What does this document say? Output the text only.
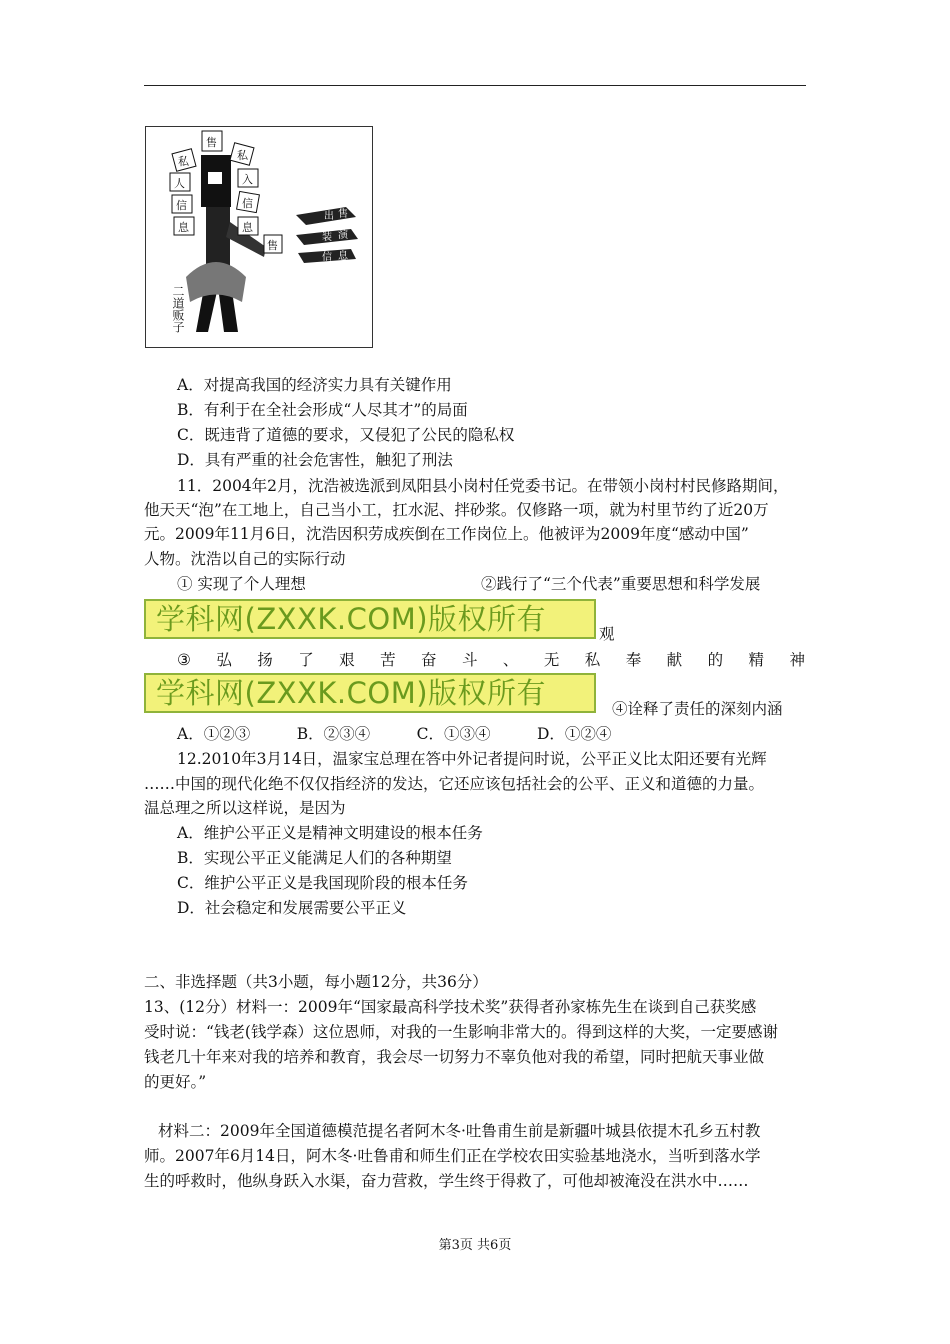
售
私
私
入
人
信
信
息
息
售
出 售
装 演
信 息
二道贩子
A．对提高我国的经济实力具有关键作用
B．有利于在全社会形成“人尽其才”的局面
C．既违背了道德的要求，又侵犯了公民的隐私权
D．具有严重的社会危害性，触犯了刑法
11．2004年2月，沈浩被选派到凤阳县小岗村任党委书记。在带领小岗村村民修路期间，
他天天“泡”在工地上，自己当小工，扛水泥、拌砂浆。仅修路一项，就为村里节约了近20万
元。2009年11月6日，沈浩因积劳成疾倒在工作岗位上。他被评为2009年度“感动中国”
人物。沈浩以自己的实际行动
① 实现了个人理想	②践行了“三个代表”重要思想和科学发展
学科网(ZXXK.COM)版权所有	观
③ 弘 扬 了 艰 苦 奋 斗 、 无 私 奉 献 的 精 神
学科网(ZXXK.COM)版权所有	④诠释了责任的深刻内涵
A．①②③　　　B．②③④　　　C．①③④　　　D．①②④
12.2010年3月14日，温家宝总理在答中外记者提问时说，公平正义比太阳还要有光辉
……中国的现代化绝不仅仅指经济的发达，它还应该包括社会的公平、正义和道德的力量。
温总理之所以这样说，是因为
A．维护公平正义是精神文明建设的根本任务
B．实现公平正义能满足人们的各种期望
C．维护公平正义是我国现阶段的根本任务
D．社会稳定和发展需要公平正义
二、非选择题（共3小题，每小题12分，共36分）
13、(12分）材料一：2009年“国家最高科学技术奖”获得者孙家栋先生在谈到自己获奖感
受时说：“钱老(钱学森）这位恩师，对我的一生影响非常大的。得到这样的大奖，一定要感谢
钱老几十年来对我的培养和教育，我会尽一切努力不辜负他对我的希望，同时把航天事业做
的更好。”
材料二：2009年全国道德模范提名者阿木冬·吐鲁甫生前是新疆叶城县依提木孔乡五村教
师。2007年6月14日，阿木冬·吐鲁甫和师生们正在学校农田实验基地浇水，当听到落水学
生的呼救时，他纵身跃入水渠，奋力营救，学生终于得救了，可他却被淹没在洪水中……
第3页 共6页
